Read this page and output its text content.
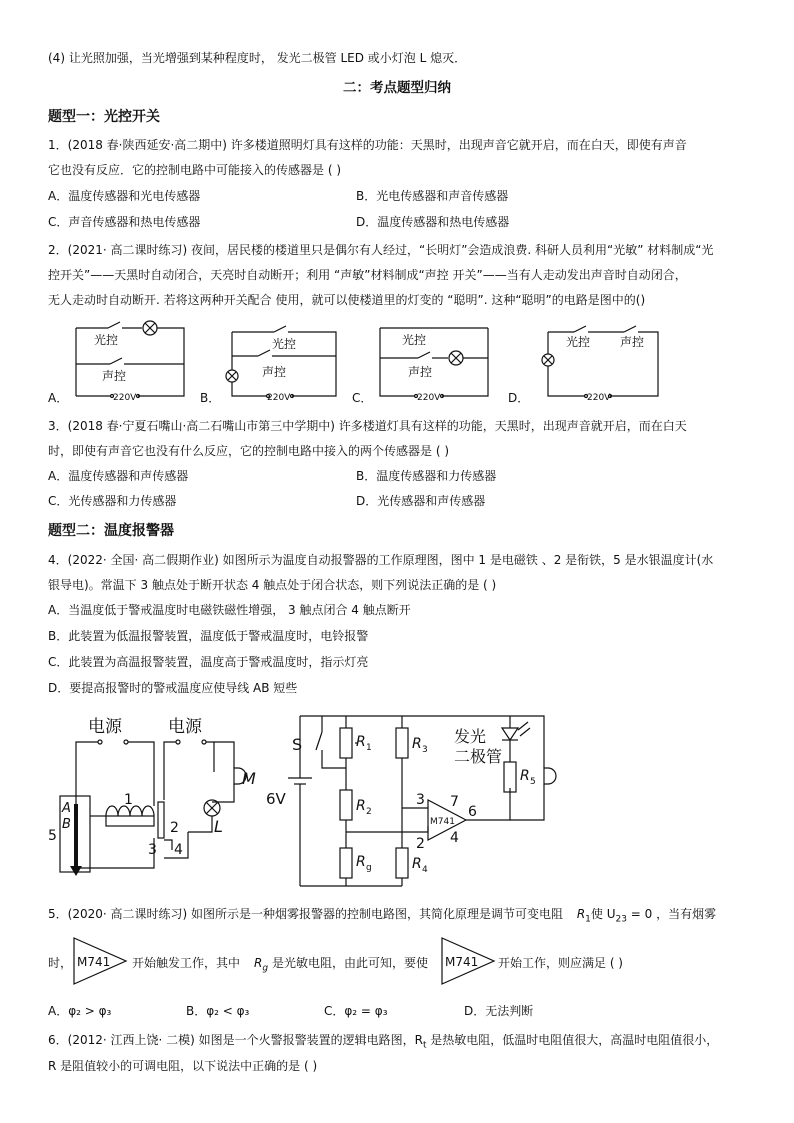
(4) 让光照加强，当光增强到某种程度时， 发光二极管 LED 或小灯泡 L 熄灭．
二：考点题型归纳
题型一：光控开关
1．(2018 春·陕西延安·高二期中) 许多楼道照明灯具有这样的功能：天黑时，出现声音它就开启，而在白天，即使有声音
它也没有反应．它的控制电路中可能接入的传感器是 ( )
A．温度传感器和光电传感器	B．光电传感器和声音传感器
C．声音传感器和热电传感器	D．温度传感器和热电传感器
2．(2021· 高二课时练习) 夜间，居民楼的楼道里只是偶尔有人经过，“长明灯”会造成浪费. 科研人员利用“光敏” 材料制成“光
控开关”——天黑时自动闭合，天亮时自动断开；利用 “声敏”材料制成“声控 开关”——当有人走动发出声音时自动闭合，
无人走动时自动断开. 若将这两种开关配合 使用，就可以使楼道里的灯变的 “聪明”. 这种“聪明”的电路是图中的()
A．	B．	C．	D．
光控
声控
220V
光控
声控
220V
光控
声控
220V
光控 声控
220V
3．(2018 春·宁夏石嘴山·高二石嘴山市第三中学期中) 许多楼道灯具有这样的功能，天黑时，出现声音就开启，而在白天
时，即使有声音它也没有什么反应，它的控制电路中接入的两个传感器是 ( )
A．温度传感器和声传感器	B．温度传感器和力传感器
C．光传感器和力传感器	D．光传感器和声传感器
题型二：温度报警器
4．(2022· 全国· 高二假期作业) 如图所示为温度自动报警器的工作原理图，图中 1 是电磁铁 、2 是衔铁，5 是水银温度计(水
银导电)。常温下 3 触点处于断开状态 4 触点处于闭合状态，则下列说法正确的是 ( )
A．当温度低于警戒温度时电磁铁磁性增强， 3 触点闭合 4 触点断开
B．此装置为低温报警装置，温度低于警戒温度时，电铃报警
C．此装置为高温报警装置，温度高于警戒温度时，指示灯亮
D．要提高报警时的警戒温度应使导线 AB 短些
电源	电源
M
L
A
B
5
1
2
3 4
6V
S	R 1
R 2
R g
R 3
R 4
M741
3
2
7
6
4
发光
二极管
R 5
5．(2020· 高二课时练习) 如图所示是一种烟雾报警器的控制电路图，其简化原理是调节可变电阻 $R_1$使 $U_{23} = 0$ ，当有烟雾
时， M741 开始触发工作，其中 $R_g$ 是光敏电阻，由此可知，要使 M741 开始工作，则应满足 ( )
A．φ₂ > φ₃	B．φ₂ < φ₃	C．φ₂ = φ₃	D．无法判断
6．(2012· 江西上饶· 二模) 如图是一个火警报警装置的逻辑电路图，$R_t$ 是热敏电阻，低温时电阻值很大，高温时电阻值很小，
R 是阻值较小的可调电阻，以下说法中正确的是 ( )
